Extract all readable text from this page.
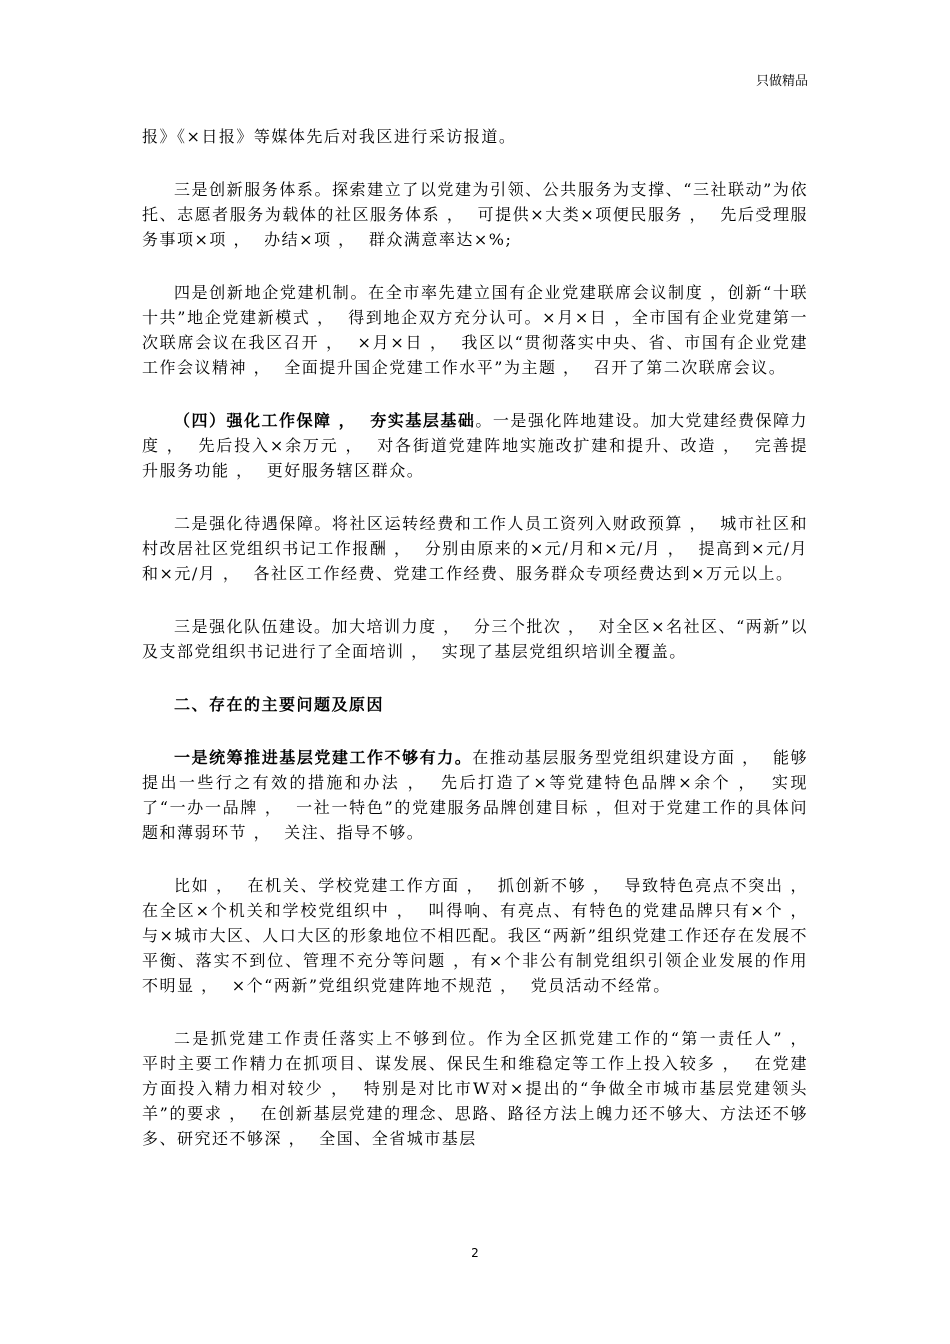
只做精品

报》《×日报》等媒体先后对我区进行采访报道。

三是创新服务体系。探索建立了以党建为引领、公共服务为支撑、“三社联动”为依托、志愿者服务为载体的社区服务体系 ，  可提供×大类×项便民服务 ，  先后受理服务事项×项 ，  办结×项 ，  群众满意率达×%;

四是创新地企党建机制。在全市率先建立国有企业党建联席会议制度 ，创新“十联十共”地企党建新模式 ，  得到地企双方充分认可。×月×日 ，全市国有企业党建第一次联席会议在我区召开 ，  ×月×日 ，  我区以“贯彻落实中央、省、市国有企业党建工作会议精神 ，  全面提升国企党建工作水平”为主题 ，  召开了第二次联席会议。

（四）强化工作保障 ，  夯实基层基础。一是强化阵地建设。加大党建经费保障力度 ，  先后投入×余万元 ，  对各街道党建阵地实施改扩建和提升、改造 ，  完善提升服务功能 ，  更好服务辖区群众。

二是强化待遇保障。将社区运转经费和工作人员工资列入财政预算 ，  城市社区和村改居社区党组织书记工作报酬 ，  分别由原来的×元/月和×元/月 ，  提高到×元/月和×元/月 ，  各社区工作经费、党建工作经费、服务群众专项经费达到×万元以上。

三是强化队伍建设。加大培训力度 ，  分三个批次 ，  对全区×名社区、“两新”以及支部党组织书记进行了全面培训 ，  实现了基层党组织培训全覆盖。

二、存在的主要问题及原因

一是统筹推进基层党建工作不够有力。在推动基层服务型党组织建设方面 ，  能够提出一些行之有效的措施和办法 ，  先后打造了×等党建特色品牌×余个 ，  实现了“一办一品牌 ，  一社一特色”的党建服务品牌创建目标 ，但对于党建工作的具体问题和薄弱环节 ，  关注、指导不够。

比如 ，  在机关、学校党建工作方面 ，  抓创新不够 ，  导致特色亮点不突出 ，  在全区×个机关和学校党组织中 ，  叫得响、有亮点、有特色的党建品牌只有×个 ，  与×城市大区、人口大区的形象地位不相匹配。我区“两新”组织党建工作还存在发展不平衡、落实不到位、管理不充分等问题 ，有×个非公有制党组织引领企业发展的作用不明显 ，  ×个“两新”党组织党建阵地不规范 ，  党员活动不经常。

二是抓党建工作责任落实上不够到位。作为全区抓党建工作的“第一责任人” ，  平时主要工作精力在抓项目、谋发展、保民生和维稳定等工作上投入较多 ，  在党建方面投入精力相对较少 ，  特别是对比市W对×提出的“争做全市城市基层党建领头羊”的要求 ，  在创新基层党建的理念、思路、路径方法上魄力还不够大、方法还不够多、研究还不够深 ，  全国、全省城市基层

2
